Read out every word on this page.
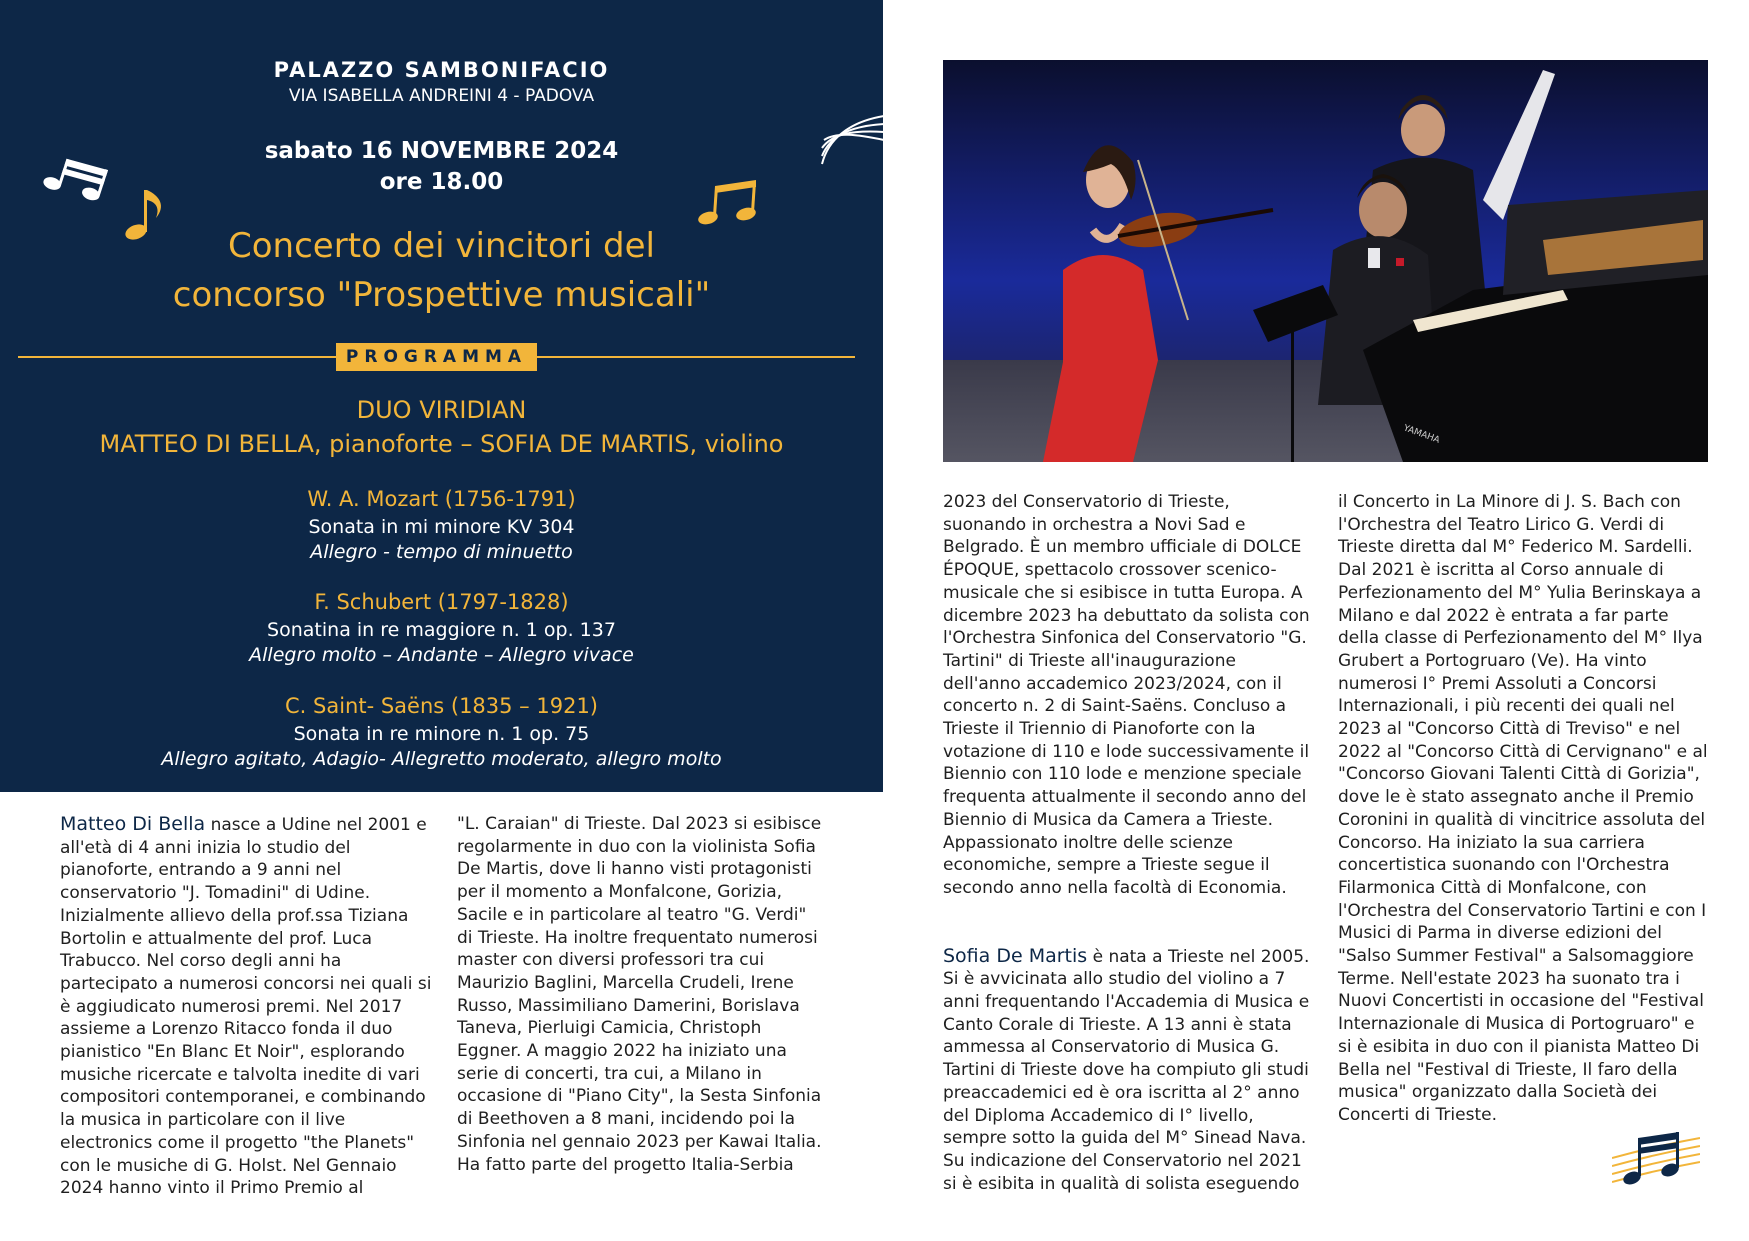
PALAZZO SAMBONIFACIO
VIA ISABELLA ANDREINI 4 - PADOVA
sabato 16 NOVEMBRE 2024
ore 18.00
Concerto dei vincitori del
concorso "Prospettive musicali"
PROGRAMMA
DUO VIRIDIAN
MATTEO DI BELLA, pianoforte – SOFIA DE MARTIS, violino
W. A. Mozart (1756-1791)
Sonata in mi minore KV 304
Allegro - tempo di minuetto
F. Schubert (1797-1828)
Sonatina in re maggiore n. 1 op. 137
Allegro molto – Andante – Allegro vivace
C. Saint- Saëns (1835 – 1921)
Sonata in re minore n. 1 op. 75
Allegro agitato, Adagio- Allegretto moderato, allegro molto
YAMAHA

Matteo Di Bella nasce a Udine nel 2001 e all'età di 4 anni inizia lo studio del pianoforte, entrando a 9 anni nel conservatorio "J. Tomadini" di Udine. Inizialmente allievo della prof.ssa Tiziana Bortolin e attualmente del prof. Luca Trabucco. Nel corso degli anni ha partecipato a numerosi concorsi nei quali si è aggiudicato numerosi premi. Nel 2017 assieme a Lorenzo Ritacco fonda il duo pianistico "En Blanc Et Noir", esplorando musiche ricercate e talvolta inedite di vari compositori contemporanei, e combinando la musica in particolare con il live electronics come il progetto "the Planets" con le musiche di G. Holst. Nel Gennaio 2024 hanno vinto il Primo Premio al

"L. Caraian" di Trieste. Dal 2023 si esibisce regolarmente in duo con la violinista Sofia De Martis, dove li hanno visti protagonisti per il momento a Monfalcone, Gorizia, Sacile e in particolare al teatro "G. Verdi" di Trieste. Ha inoltre frequentato numerosi master con diversi professori tra cui Maurizio Baglini, Marcella Crudeli, Irene Russo, Massimiliano Damerini, Borislava Taneva, Pierluigi Camicia, Christoph Eggner. A maggio 2022 ha iniziato una serie di concerti, tra cui, a Milano in occasione di "Piano City", la Sesta Sinfonia di Beethoven a 8 mani, incidendo poi la Sinfonia nel gennaio 2023 per Kawai Italia. Ha fatto parte del progetto Italia-Serbia

2023 del Conservatorio di Trieste, suonando in orchestra a Novi Sad e Belgrado. È un membro ufficiale di DOLCE ÉPOQUE, spettacolo crossover scenico-musicale che si esibisce in tutta Europa. A dicembre 2023 ha debuttato da solista con l'Orchestra Sinfonica del Conservatorio "G. Tartini" di Trieste all'inaugurazione dell'anno accademico 2023/2024, con il concerto n. 2 di Saint-Saëns. Concluso a Trieste il Triennio di Pianoforte con la votazione di 110 e lode successivamente il Biennio con 110 lode e menzione speciale frequenta attualmente il secondo anno del Biennio di Musica da Camera a Trieste. Appassionato inoltre delle scienze economiche, sempre a Trieste segue il secondo anno nella facoltà di Economia.

Sofia De Martis è nata a Trieste nel 2005. Si è avvicinata allo studio del violino a 7 anni frequentando l'Accademia di Musica e Canto Corale di Trieste. A 13 anni è stata ammessa al Conservatorio di Musica G. Tartini di Trieste dove ha compiuto gli studi preaccademici ed è ora iscritta al 2° anno del Diploma Accademico di I° livello, sempre sotto la guida del M° Sinead Nava. Su indicazione del Conservatorio nel 2021 si è esibita in qualità di solista eseguendo

il Concerto in La Minore di J. S. Bach con l'Orchestra del Teatro Lirico G. Verdi di Trieste diretta dal M° Federico M. Sardelli. Dal 2021 è iscritta al Corso annuale di Perfezionamento del M° Yulia Berinskaya a Milano e dal 2022 è entrata a far parte della classe di Perfezionamento del M° Ilya Grubert a Portogruaro (Ve). Ha vinto numerosi I° Premi Assoluti a Concorsi Internazionali, i più recenti dei quali nel 2023 al "Concorso Città di Treviso" e nel 2022 al "Concorso Città di Cervignano" e al "Concorso Giovani Talenti Città di Gorizia", dove le è stato assegnato anche il Premio Coronini in qualità di vincitrice assoluta del Concorso. Ha iniziato la sua carriera concertistica suonando con l'Orchestra Filarmonica Città di Monfalcone, con l'Orchestra del Conservatorio Tartini e con I Musici di Parma in diverse edizioni del "Salso Summer Festival" a Salsomaggiore Terme. Nell'estate 2023 ha suonato tra i Nuovi Concertisti in occasione del "Festival Internazionale di Musica di Portogruaro" e si è esibita in duo con il pianista Matteo Di Bella nel "Festival di Trieste, Il faro della musica" organizzato dalla Società dei Concerti di Trieste.
